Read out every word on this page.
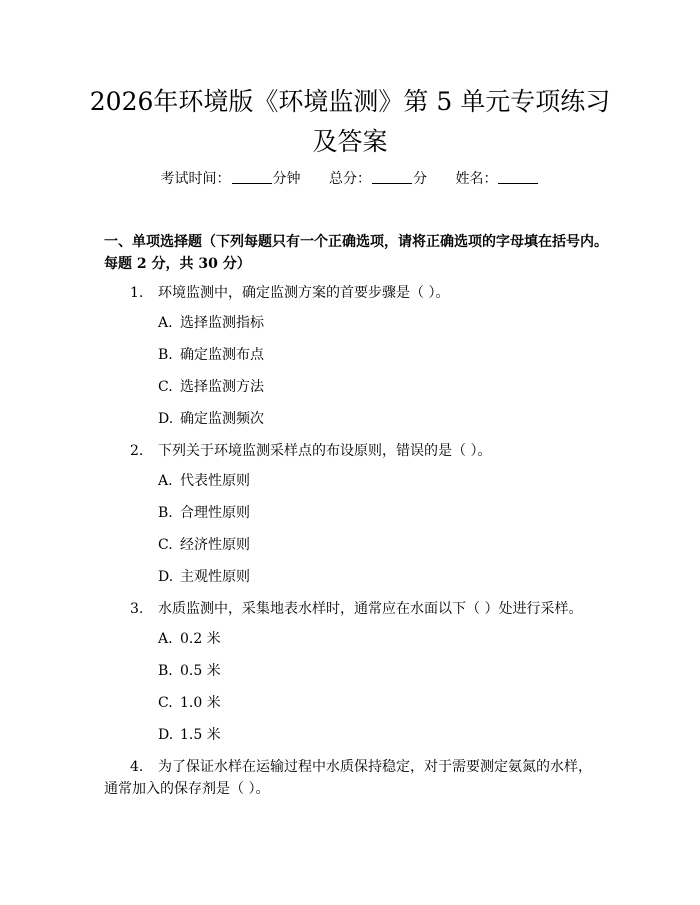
2026年环境版《环境监测》第 5 单元专项练习及答案
考试时间：	分钟 总分：	分 姓名：
一、单项选择题（下列每题只有一个正确选项，请将正确选项的字母填在括号内。每题 2 分，共 30 分）
1. 环境监测中，确定监测方案的首要步骤是（ ）。
A. 选择监测指标
B. 确定监测布点
C. 选择监测方法
D. 确定监测频次
2. 下列关于环境监测采样点的布设原则，错误的是（ ）。
A. 代表性原则
B. 合理性原则
C. 经济性原则
D. 主观性原则
3. 水质监测中，采集地表水样时，通常应在水面以下（ ）处进行采样。
A. 0.2 米
B. 0.5 米
C. 1.0 米
D. 1.5 米
4. 为了保证水样在运输过程中水质保持稳定，对于需要测定氨氮的水样，通常加入的保存剂是（ ）。
